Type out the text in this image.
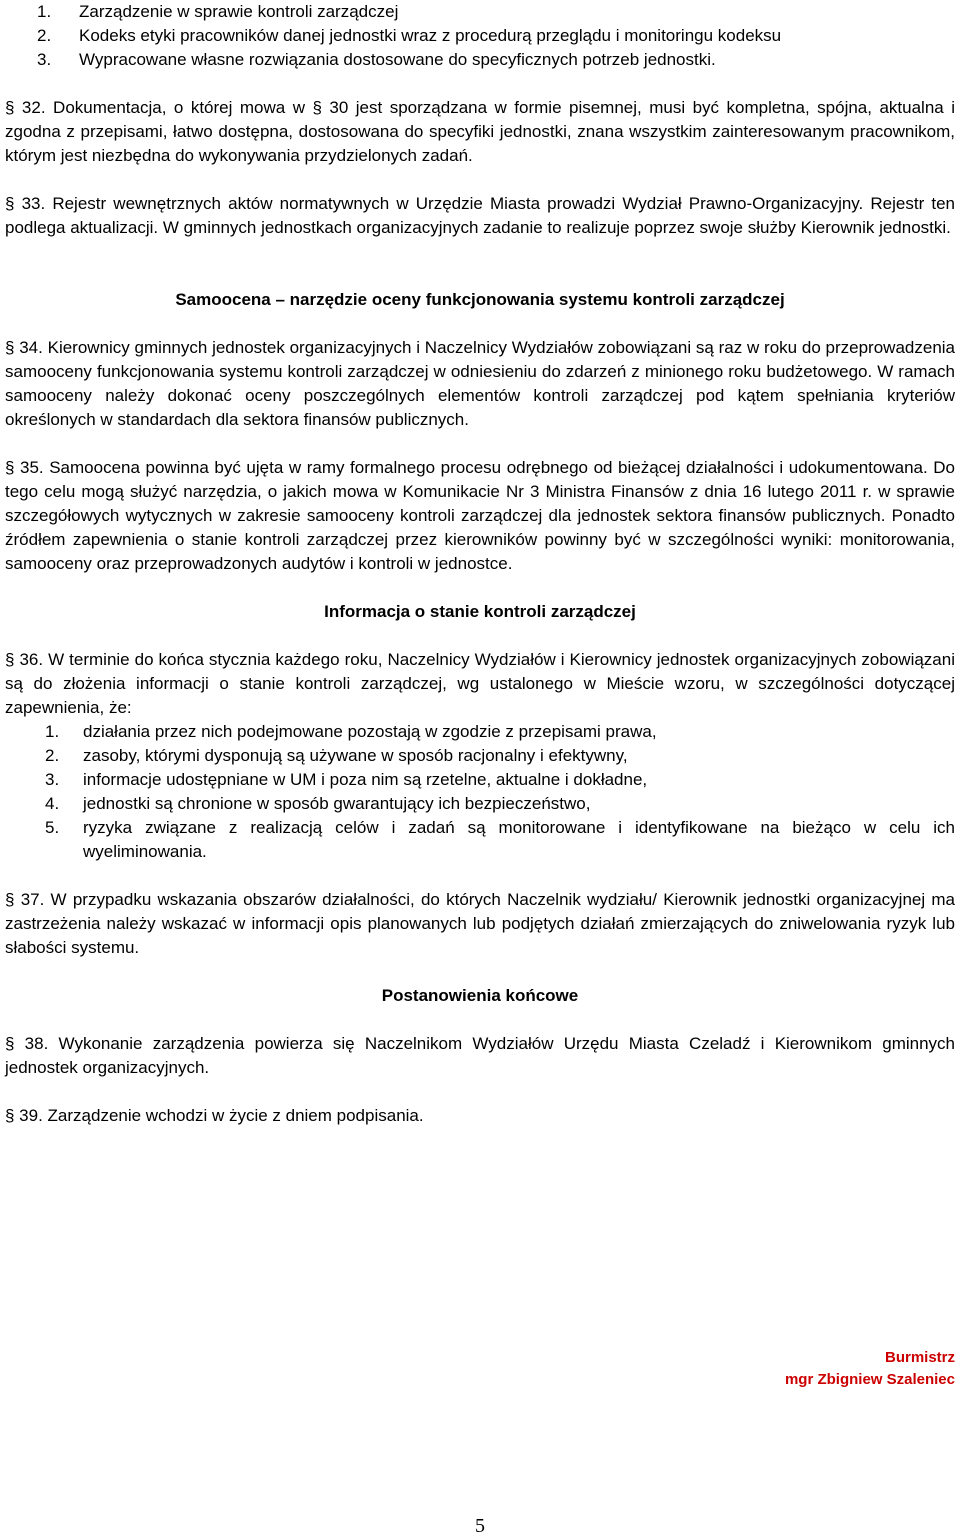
1.	Zarządzenie w sprawie kontroli zarządczej
2.	Kodeks etyki pracowników danej jednostki wraz z procedurą przeglądu i monitoringu kodeksu
3.	Wypracowane własne rozwiązania dostosowane do specyficznych potrzeb jednostki.

§ 32. Dokumentacja, o której mowa w § 30 jest sporządzana w formie pisemnej, musi być kompletna, spójna, aktualna i zgodna z przepisami, łatwo dostępna, dostosowana do specyfiki jednostki, znana wszystkim zainteresowanym pracownikom, którym jest niezbędna do wykonywania przydzielonych zadań.

§ 33. Rejestr wewnętrznych aktów normatywnych w Urzędzie Miasta prowadzi Wydział Prawno-Organizacyjny. Rejestr ten podlega aktualizacji. W gminnych jednostkach organizacyjnych zadanie to realizuje poprzez swoje służby Kierownik jednostki.

Samoocena – narzędzie oceny funkcjonowania systemu kontroli zarządczej

§ 34. Kierownicy gminnych jednostek organizacyjnych i Naczelnicy Wydziałów zobowiązani są raz w roku do przeprowadzenia samooceny funkcjonowania systemu kontroli zarządczej w odniesieniu do zdarzeń z minionego roku budżetowego. W ramach samooceny należy dokonać oceny poszczególnych elementów kontroli zarządczej pod kątem spełniania kryteriów określonych w standardach dla sektora finansów publicznych.

§ 35. Samoocena powinna być ujęta w ramy formalnego procesu odrębnego od bieżącej działalności i udokumentowana. Do tego celu mogą służyć narzędzia, o jakich mowa w Komunikacie Nr 3 Ministra Finansów z dnia 16 lutego 2011 r. w sprawie szczegółowych wytycznych w zakresie samooceny kontroli zarządczej dla jednostek sektora finansów publicznych. Ponadto źródłem zapewnienia o stanie kontroli zarządczej przez kierowników powinny być w szczególności wyniki: monitorowania, samooceny oraz przeprowadzonych audytów i kontroli w jednostce.

Informacja o stanie kontroli zarządczej

§ 36. W terminie do końca stycznia każdego roku, Naczelnicy Wydziałów i Kierownicy jednostek organizacyjnych zobowiązani są do złożenia informacji o stanie kontroli zarządczej, wg ustalonego w Mieście wzoru, w szczególności dotyczącej zapewnienia, że:

1.	działania przez nich podejmowane pozostają w zgodzie z przepisami prawa,
2.	zasoby, którymi dysponują są używane w sposób racjonalny i efektywny,
3.	informacje udostępniane w UM i poza nim są rzetelne, aktualne i dokładne,
4.	jednostki są chronione w sposób gwarantujący ich bezpieczeństwo,
5.	ryzyka związane z realizacją celów i zadań są monitorowane i identyfikowane na bieżąco w celu ich wyeliminowania.

§ 37. W przypadku wskazania obszarów działalności, do których Naczelnik wydziału/ Kierownik jednostki organizacyjnej ma zastrzeżenia należy wskazać w informacji opis planowanych lub podjętych działań zmierzających do zniwelowania ryzyk lub słabości systemu.

Postanowienia końcowe

§ 38. Wykonanie zarządzenia powierza się Naczelnikom Wydziałów Urzędu Miasta Czeladź i Kierownikom gminnych jednostek organizacyjnych.

§ 39. Zarządzenie wchodzi w życie z dniem podpisania.

Burmistrz
mgr Zbigniew Szaleniec
5
